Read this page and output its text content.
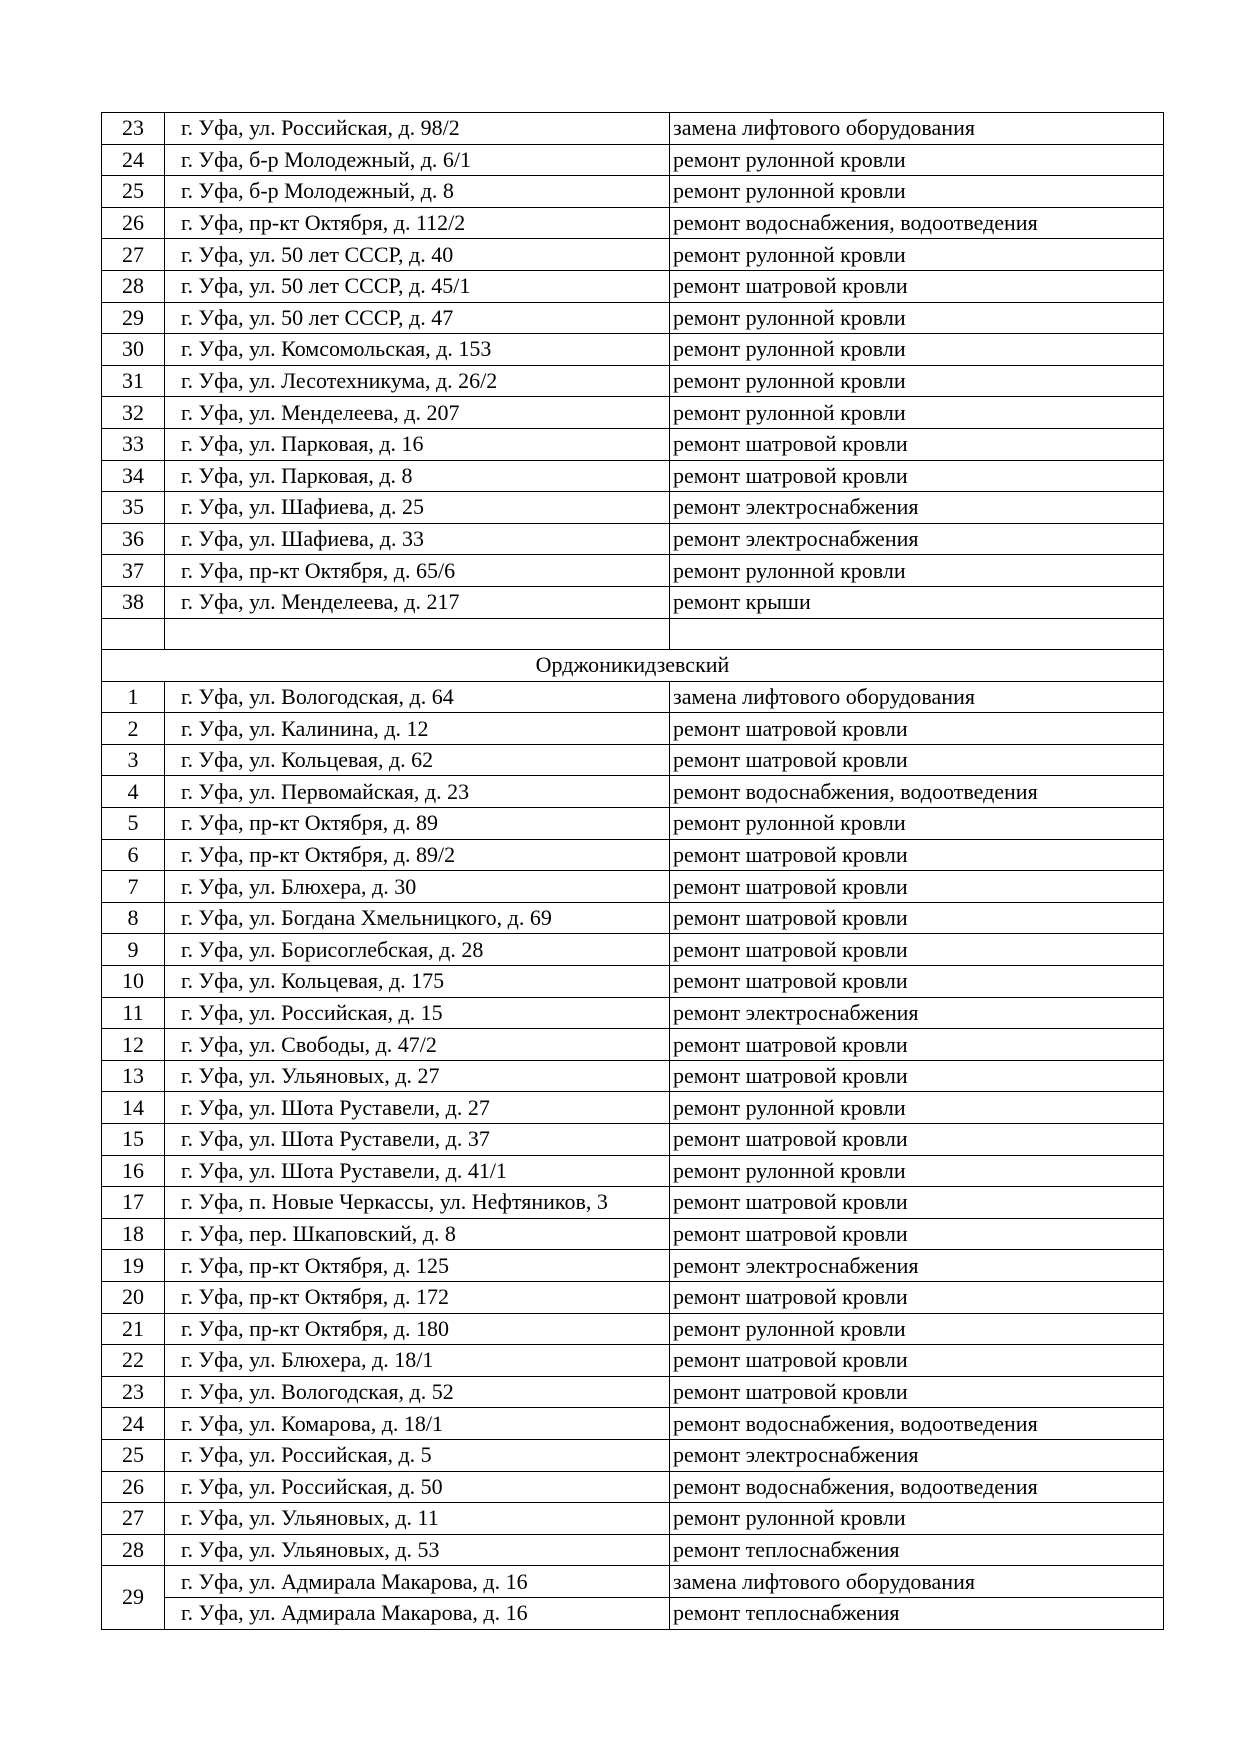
23	г. Уфа, ул. Российская, д. 98/2	замена лифтового оборудования
24	г. Уфа, б-р Молодежный, д. 6/1	ремонт рулонной кровли
25	г. Уфа, б-р Молодежный, д. 8	ремонт рулонной кровли
26	г. Уфа, пр-кт Октября, д. 112/2	ремонт водоснабжения, водоотведения
27	г. Уфа, ул. 50 лет СССР, д. 40	ремонт рулонной кровли
28	г. Уфа, ул. 50 лет СССР, д. 45/1	ремонт шатровой кровли
29	г. Уфа, ул. 50 лет СССР, д. 47	ремонт рулонной кровли
30	г. Уфа, ул. Комсомольская, д. 153	ремонт рулонной кровли
31	г. Уфа, ул. Лесотехникума, д. 26/2	ремонт рулонной кровли
32	г. Уфа, ул. Менделеева, д. 207	ремонт рулонной кровли
33	г. Уфа, ул. Парковая, д. 16	ремонт шатровой кровли
34	г. Уфа, ул. Парковая, д. 8	ремонт шатровой кровли
35	г. Уфа, ул. Шафиева, д. 25	ремонт электроснабжения
36	г. Уфа, ул. Шафиева, д. 33	ремонт электроснабжения
37	г. Уфа, пр-кт Октября, д. 65/6	ремонт рулонной кровли
38	г. Уфа, ул. Менделеева, д. 217	ремонт крыши

Орджоникидзевский		
1	г. Уфа, ул. Вологодская, д. 64	замена лифтового оборудования
2	г. Уфа, ул. Калинина, д. 12	ремонт шатровой кровли
3	г. Уфа, ул. Кольцевая, д. 62	ремонт шатровой кровли
4	г. Уфа, ул. Первомайская, д. 23	ремонт водоснабжения, водоотведения
5	г. Уфа, пр-кт Октября, д. 89	ремонт рулонной кровли
6	г. Уфа, пр-кт Октября, д. 89/2	ремонт шатровой кровли
7	г. Уфа, ул. Блюхера, д. 30	ремонт шатровой кровли
8	г. Уфа, ул. Богдана Хмельницкого, д. 69	ремонт шатровой кровли
9	г. Уфа, ул. Борисоглебская, д. 28	ремонт шатровой кровли
10	г. Уфа, ул. Кольцевая, д. 175	ремонт шатровой кровли
11	г. Уфа, ул. Российская, д. 15	ремонт электроснабжения
12	г. Уфа, ул. Свободы, д. 47/2	ремонт шатровой кровли
13	г. Уфа, ул. Ульяновых, д. 27	ремонт шатровой кровли
14	г. Уфа, ул. Шота Руставели, д. 27	ремонт рулонной кровли
15	г. Уфа, ул. Шота Руставели, д. 37	ремонт шатровой кровли
16	г. Уфа, ул. Шота Руставели, д. 41/1	ремонт рулонной кровли
17	г. Уфа, п. Новые Черкассы, ул. Нефтяников, 3	ремонт шатровой кровли
18	г. Уфа, пер. Шкаповский, д. 8	ремонт шатровой кровли
19	г. Уфа, пр-кт Октября, д. 125	ремонт электроснабжения
20	г. Уфа, пр-кт Октября, д. 172	ремонт шатровой кровли
21	г. Уфа, пр-кт Октября, д. 180	ремонт рулонной кровли
22	г. Уфа, ул. Блюхера, д. 18/1	ремонт шатровой кровли
23	г. Уфа, ул. Вологодская, д. 52	ремонт шатровой кровли
24	г. Уфа, ул. Комарова, д. 18/1	ремонт водоснабжения, водоотведения
25	г. Уфа, ул. Российская, д. 5	ремонт электроснабжения
26	г. Уфа, ул. Российская, д. 50	ремонт водоснабжения, водоотведения
27	г. Уфа, ул. Ульяновых, д. 11	ремонт рулонной кровли
28	г. Уфа, ул. Ульяновых, д. 53	ремонт теплоснабжения
29	г. Уфа, ул. Адмирала Макарова, д. 16	замена лифтового оборудования
	г. Уфа, ул. Адмирала Макарова, д. 16	ремонт теплоснабжения
